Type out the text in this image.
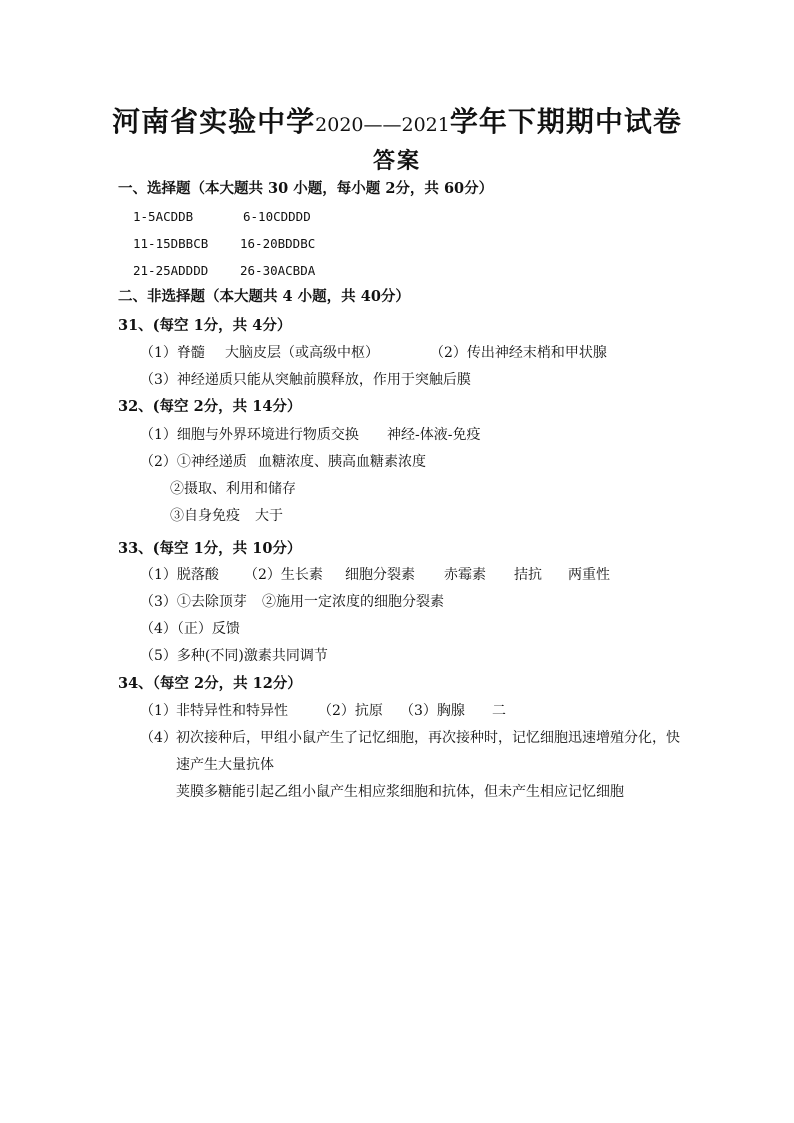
河南省实验中学2020——2021学年下期期中试卷
答案
一、选择题（本大题共 30 小题，每小题 2分，共 60分）
1-5ACDDB	6-10CDDDD
11-15DBBCB	16-20BDDBC
21-25ADDDD	26-30ACBDA
二、非选择题（本大题共 4 小题，共 40分）
31、(每空 1分，共 4分）
（1）脊髓 大脑皮层（或高级中枢）	（2）传出神经末梢和甲状腺
（3）神经递质只能从突触前膜释放，作用于突触后膜
32、(每空 2分，共 14分）
（1）细胞与外界环境进行物质交换 神经-体液-免疫
（2）①神经递质 血糖浓度、胰高血糖素浓度
②摄取、利用和储存
③自身免疫 大于
33、(每空 1分，共 10分）
（1）脱落酸 （2）生长素 细胞分裂素 赤霉素 拮抗 两重性
（3）①去除顶芽 ②施用一定浓度的细胞分裂素
（4）（正）反馈
（5）多种(不同)激素共同调节
34、（每空 2分，共 12分）
（1） 非特异性和特异性 （2）抗原 （3）胸腺 二
（4） 初次接种后，甲组小鼠产生了记忆细胞，再次接种时，记忆细胞迅速增殖分化，快
速产生大量抗体
荚膜多糖能引起乙组小鼠产生相应浆细胞和抗体，但未产生相应记忆细胞
